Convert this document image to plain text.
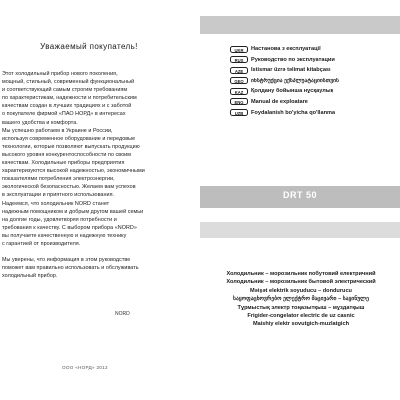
Уважаемый покупатель!
Этот холодильный прибор нового поколения,
мощный, стильный, современный функциональный
и соответствующий самым строгим требованиям
по характеристикам, надежности и потребительским
качествам создан в лучших традициях и с заботой
о покупателе фирмой «ПАО НОРД» в интересах
вашего удобства и комфорта.
Мы успешно работаем в Украине и России,
используя современное оборудование и передовые
технологии, которые позволяют выпускать продукцию
высокого уровня конкурентоспособности по своим
качествам. Холодильные приборы предприятия
характеризуются высокой надежностью, экономичными
показателями потребления электроэнергии,
экологической безопасностью. Желаем вам успехов
в эксплуатации и приятного использования.
Надеемся, что холодильник NORD станет
надежным помощником и добрым другом вашей семьи
на долгие годы, удовлетворяя потребности и
требования к качеству. С выбором прибора «NORD»
вы получаете качественную и надежную технику
с гарантией от производителя.
Мы уверены, что информация в этом руководстве
поможет вам правильно использовать и обслуживать
холодильный прибор.
NORD
ООО «НОРД» 2012
UKR	Настанова з експлуатації
RUS	Руководство по эксплуатации
AZE	İstismar üzrə təlimat kitabçası
GEO	ინსტრუქცია ექსპლუატაციისთვის
KAZ	Қолдану бойынша нұсқаулық
ENG	Manual de exploatare
UZB	Foydalanish bo'yicha qo'llanma
DRT 50
Холодильник – морозильник побутовий електричний
Холодильник – морозильник бытовой электрический
Məişət elektrik soyuducu – dondurucu
საყოფაცხოვრებო ელექტრო მაცივარი – საყინულე
Тұрмыстық электр тоңазытқыш – мұздатқыш
Frigider-congelator electric de uz casnic
Maishiy elektr sovutgich-muzlatgich
